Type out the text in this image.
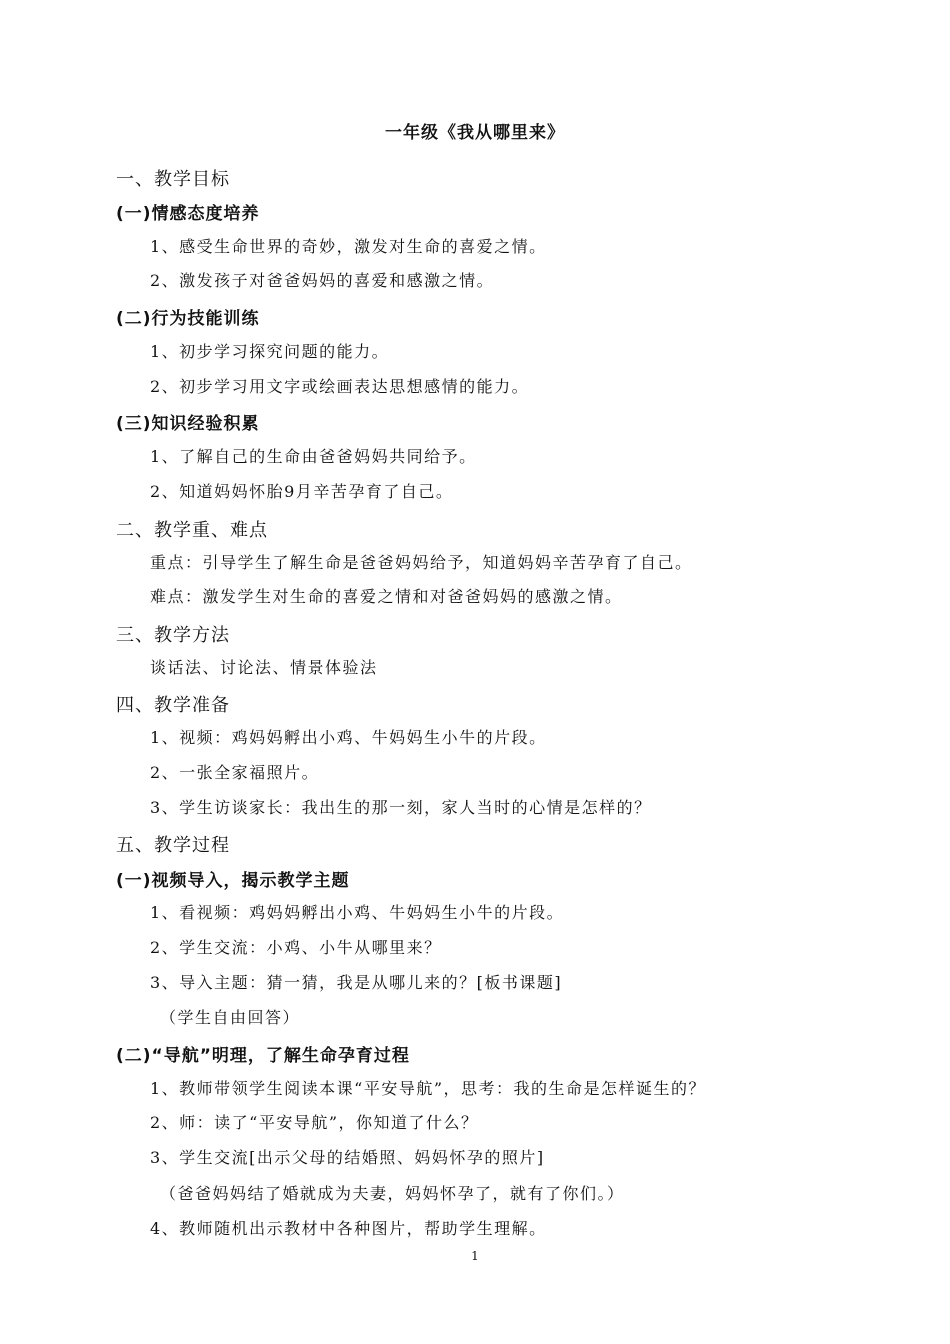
一年级《我从哪里来》
一、教学目标
(一)情感态度培养
1、感受生命世界的奇妙，激发对生命的喜爱之情。
2、激发孩子对爸爸妈妈的喜爱和感激之情。
(二)行为技能训练
1、初步学习探究问题的能力。
2、初步学习用文字或绘画表达思想感情的能力。
(三)知识经验积累
1、了解自己的生命由爸爸妈妈共同给予。
2、知道妈妈怀胎9月辛苦孕育了自己。
二、教学重、难点
重点：引导学生了解生命是爸爸妈妈给予，知道妈妈辛苦孕育了自己。
难点：激发学生对生命的喜爱之情和对爸爸妈妈的感激之情。
三、教学方法
谈话法、讨论法、情景体验法
四、教学准备
1、视频：鸡妈妈孵出小鸡、牛妈妈生小牛的片段。
2、一张全家福照片。
3、学生访谈家长：我出生的那一刻，家人当时的心情是怎样的？
五、教学过程
(一)视频导入，揭示教学主题
1、看视频：鸡妈妈孵出小鸡、牛妈妈生小牛的片段。
2、学生交流：小鸡、小牛从哪里来？
3、导入主题：猜一猜，我是从哪儿来的？[板书课题]
（学生自由回答）
(二)“导航”明理，了解生命孕育过程
1、教师带领学生阅读本课“平安导航”，思考：我的生命是怎样诞生的？
2、师：读了“平安导航”，你知道了什么？
3、学生交流[出示父母的结婚照、妈妈怀孕的照片]
（爸爸妈妈结了婚就成为夫妻，妈妈怀孕了，就有了你们。）
4、教师随机出示教材中各种图片，帮助学生理解。
1
